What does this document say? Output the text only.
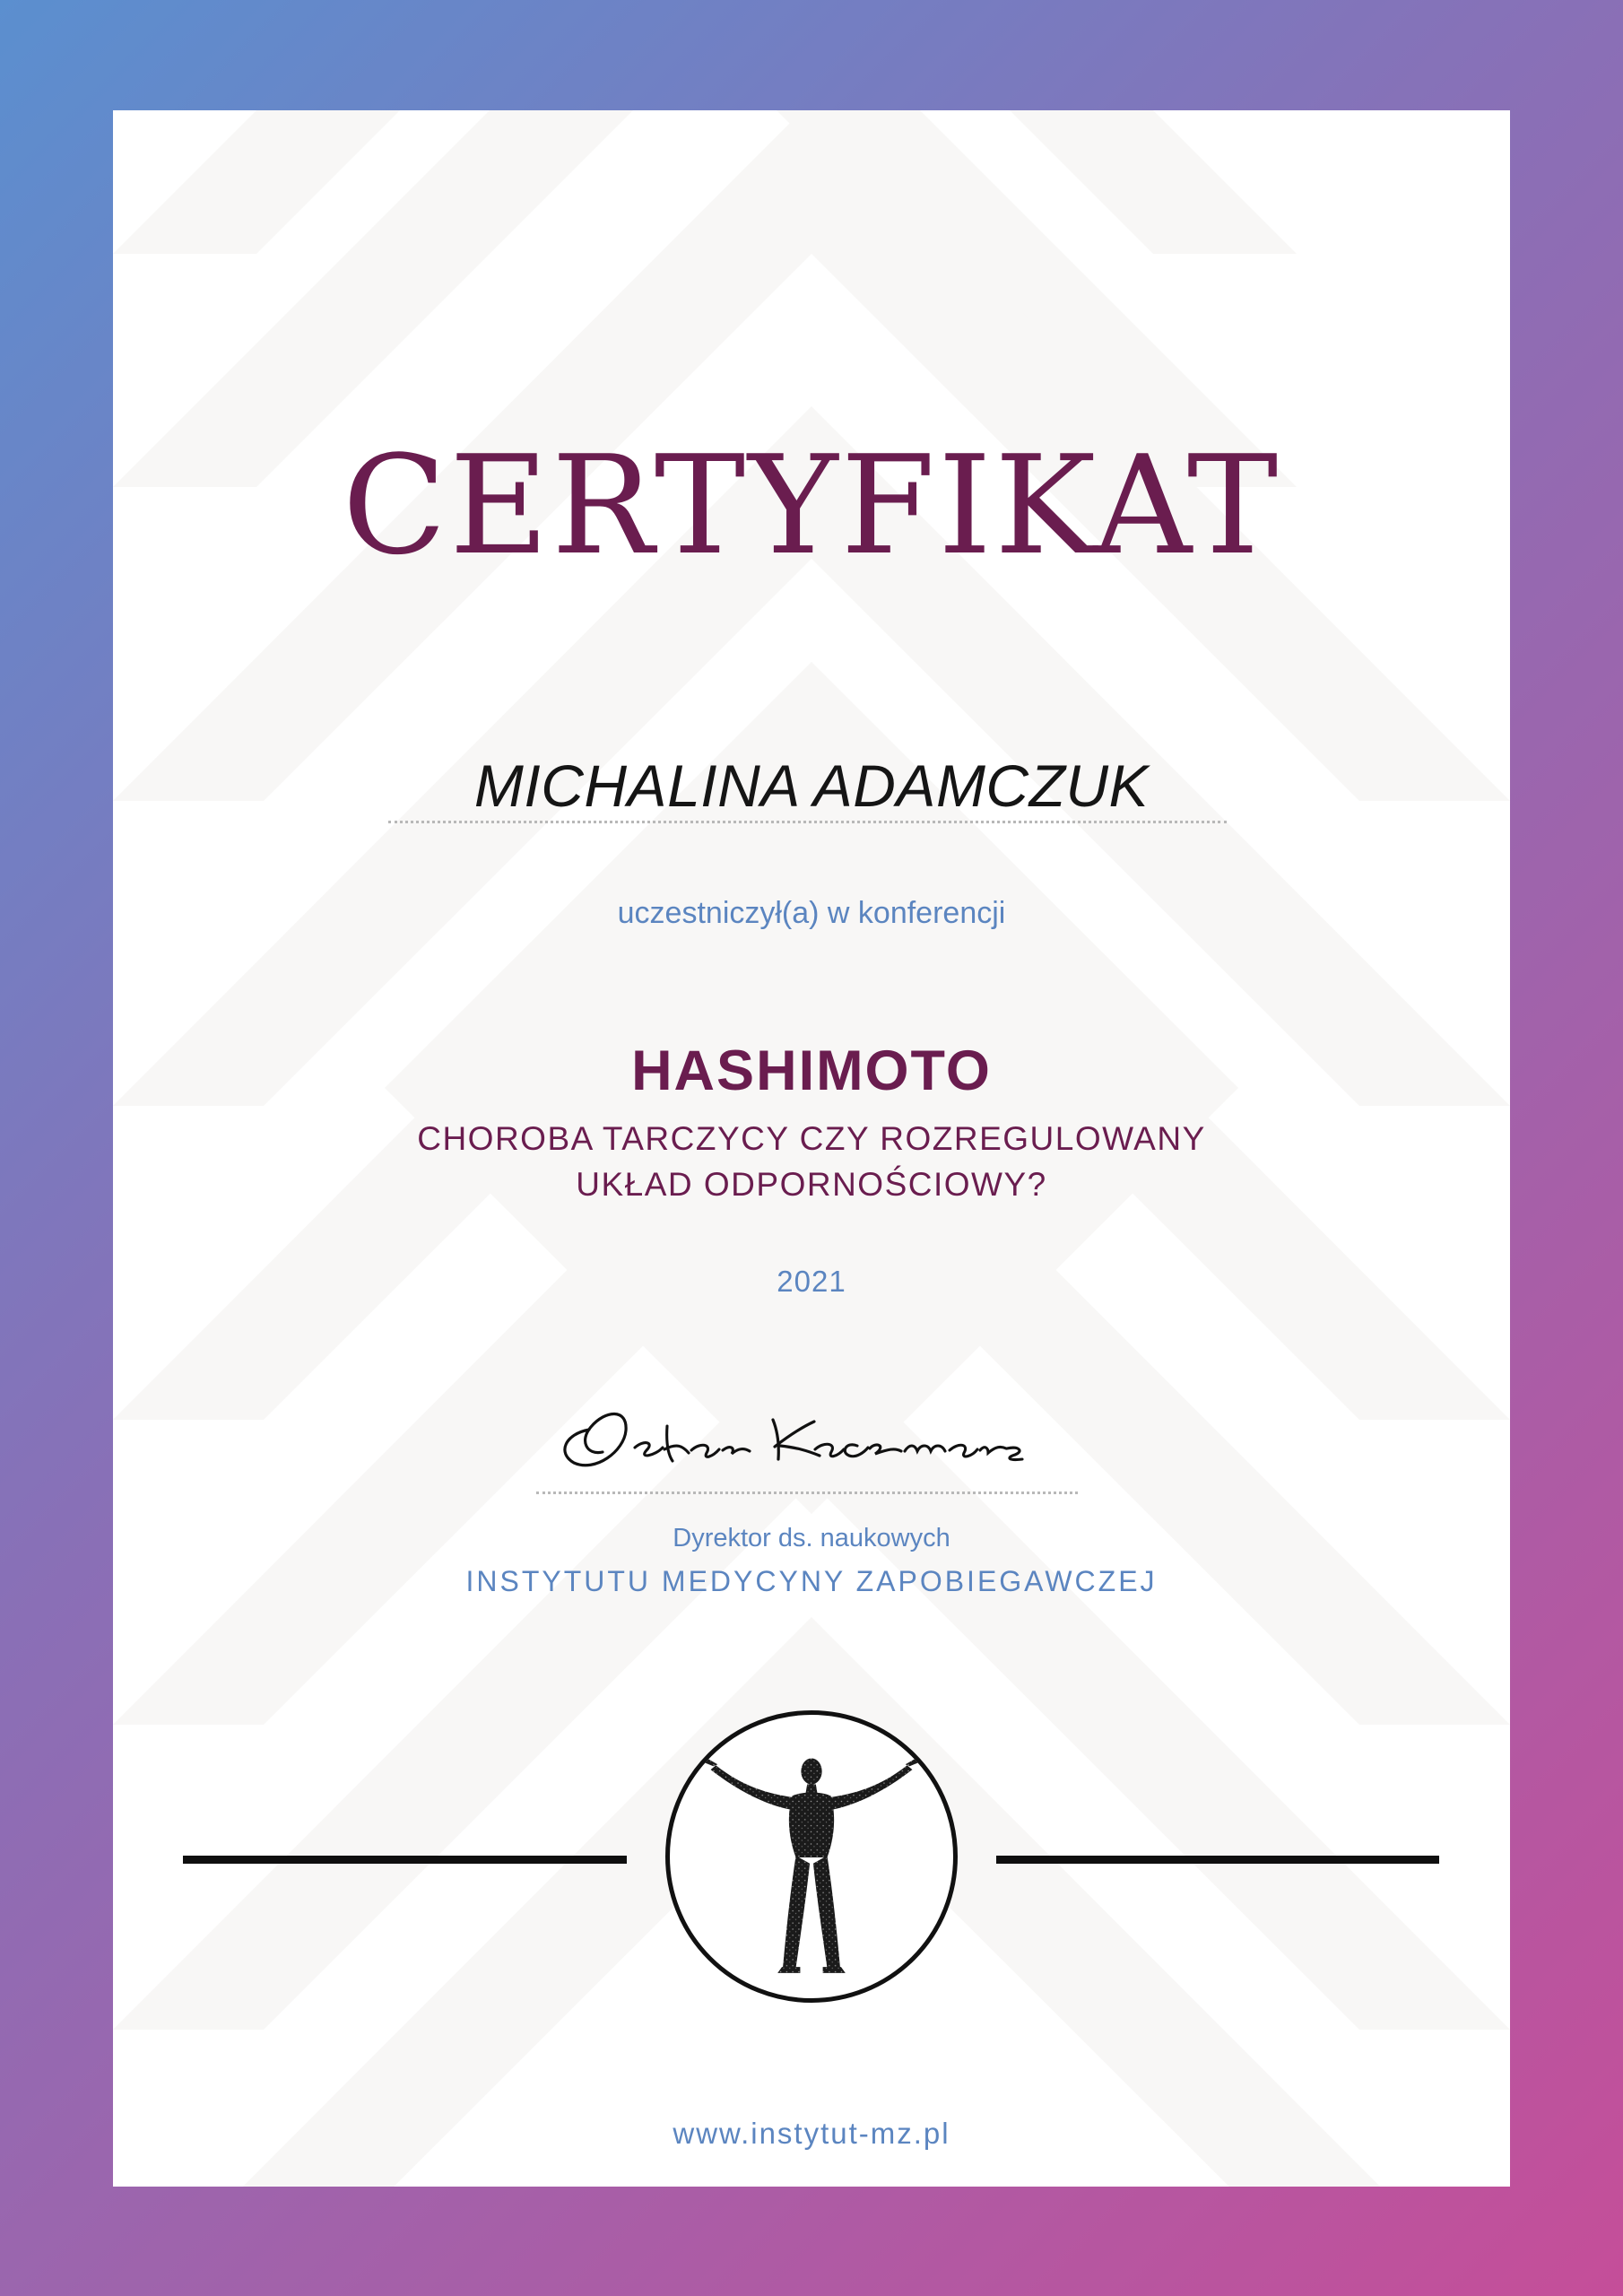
CERTYFIKAT
MICHALINA ADAMCZUK
uczestniczył(a) w konferencji
HASHIMOTO
CHOROBA TARCZYCY CZY ROZREGULOWANY
UKŁAD ODPORNOŚCIOWY?
2021
Dyrektor ds. naukowych
INSTYTUTU MEDYCYNY ZAPOBIEGAWCZEJ
www.instytut-mz.pl
